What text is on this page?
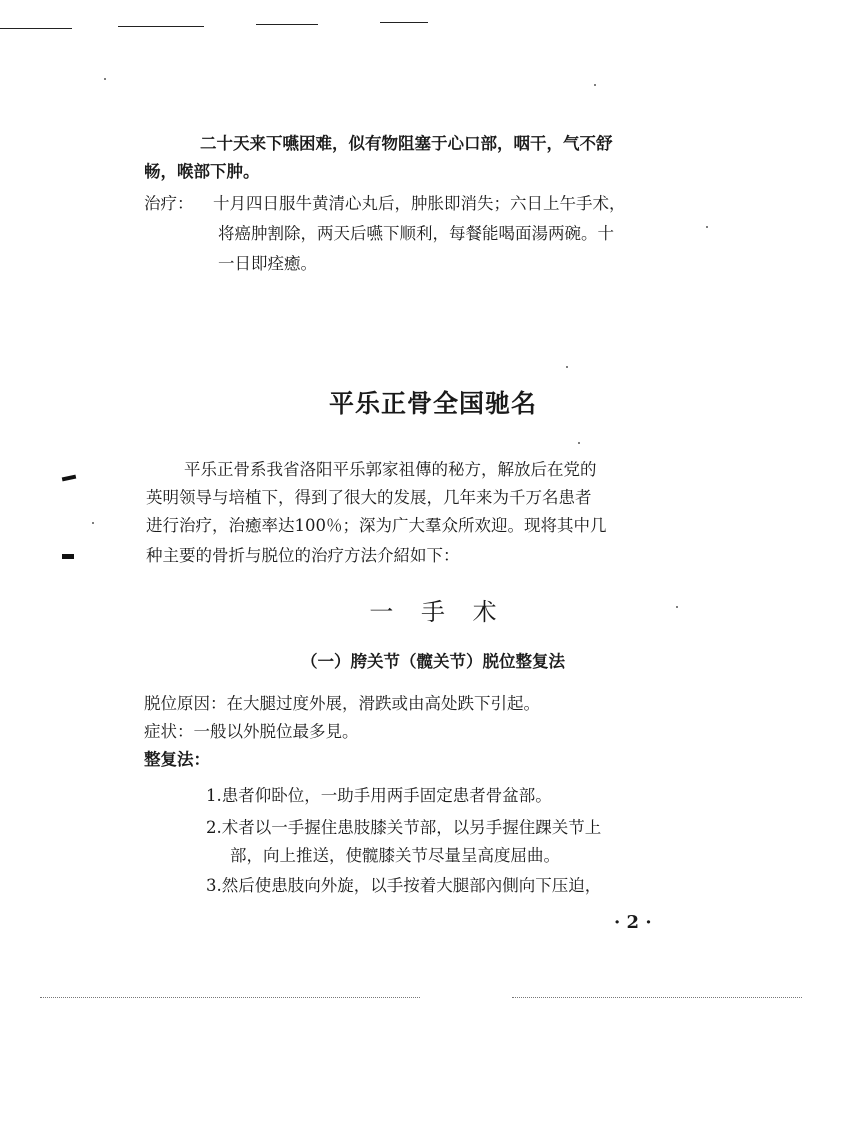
二十天来下嚥困难，似有物阻塞于心口部，咽干，气不舒
畅，喉部下肿。
治疗： 十月四日服牛黄清心丸后，肿胀即消失；六日上午手术，
将癌肿割除，两天后嚥下顺利，每餐能喝面湯两碗。十
一日即痊癒。
平乐正骨全国驰名
平乐正骨系我省洛阳平乐郭家祖傳的秘方，解放后在党的
英明领导与培植下，得到了很大的发展，几年来为千万名患者
进行治疗，治癒率达100％；深为广大羣众所欢迎。现将其中几
种主要的骨折与脱位的治疗方法介紹如下：
一 手 术
（一）胯关节（髋关节）脱位整复法
脱位原因：在大腿过度外展，滑跌或由高处跌下引起。
症状：一般以外脱位最多見。
整复法：
1.患者仰卧位，一助手用两手固定患者骨盆部。
2.术者以一手握住患肢膝关节部，以另手握住踝关节上
部，向上推送，使髋膝关节尽量呈高度屈曲。
3.然后使患肢向外旋，以手按着大腿部內側向下压迫，
· 2 ·
